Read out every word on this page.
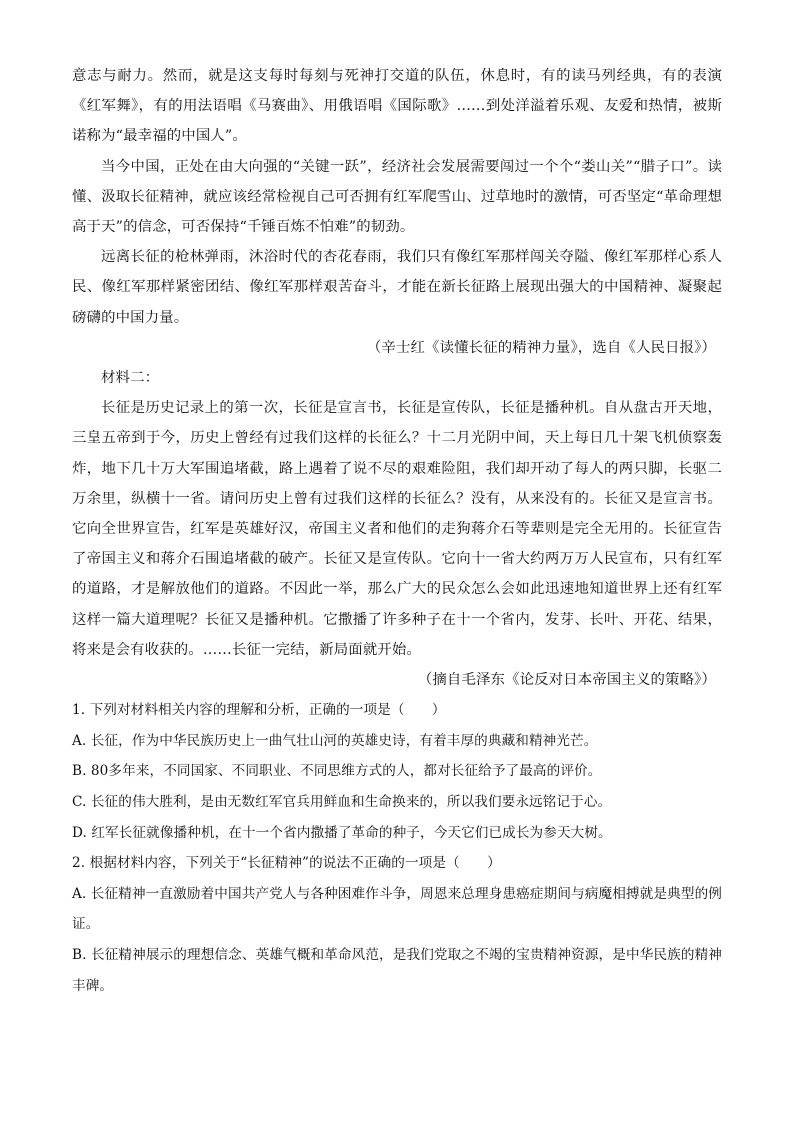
意志与耐力。然而，就是这支每时每刻与死神打交道的队伍，休息时，有的读马列经典，有的表演《红军舞》，有的用法语唱《马赛曲》、用俄语唱《国际歌》……到处洋溢着乐观、友爱和热情，被斯诺称为“最幸福的中国人”。

当今中国，正处在由大向强的“关键一跃”，经济社会发展需要闯过一个个“娄山关”“腊子口”。读懂、汲取长征精神，就应该经常检视自己可否拥有红军爬雪山、过草地时的激情，可否坚定“革命理想高于天”的信念，可否保持“千锤百炼不怕难”的韧劲。

远离长征的枪林弹雨，沐浴时代的杏花春雨，我们只有像红军那样闯关夺隘、像红军那样心系人民、像红军那样紧密团结、像红军那样艰苦奋斗，才能在新长征路上展现出强大的中国精神、凝聚起磅礴的中国力量。

（辛士红《读懂长征的精神力量》，选自《人民日报》）

材料二：

长征是历史记录上的第一次，长征是宣言书，长征是宣传队，长征是播种机。自从盘古开天地，三皇五帝到于今，历史上曾经有过我们这样的长征么？十二月光阴中间，天上每日几十架飞机侦察轰炸，地下几十万大军围追堵截，路上遇着了说不尽的艰难险阻，我们却开动了每人的两只脚，长驱二万余里，纵横十一省。请问历史上曾有过我们这样的长征么？没有，从来没有的。长征又是宣言书。它向全世界宣告，红军是英雄好汉，帝国主义者和他们的走狗蒋介石等辈则是完全无用的。长征宣告了帝国主义和蒋介石围追堵截的破产。长征又是宣传队。它向十一省大约两万万人民宣布，只有红军的道路，才是解放他们的道路。不因此一举，那么广大的民众怎么会如此迅速地知道世界上还有红军这样一篇大道理呢？长征又是播种机。它撒播了许多种子在十一个省内，发芽、长叶、开花、结果，将来是会有收获的。……长征一完结，新局面就开始。

（摘自毛泽东《论反对日本帝国主义的策略》）

1. 下列对材料相关内容的理解和分析，正确的一项是（　　）

A. 长征，作为中华民族历史上一曲气壮山河的英雄史诗，有着丰厚的典藏和精神光芒。

B. 80多年来，不同国家、不同职业、不同思维方式的人，都对长征给予了最高的评价。

C. 长征的伟大胜利，是由无数红军官兵用鲜血和生命换来的，所以我们要永远铭记于心。

D. 红军长征就像播种机，在十一个省内撒播了革命的种子，今天它们已成长为参天大树。

2. 根据材料内容，下列关于“长征精神”的说法不正确的一项是（　　）

A. 长征精神一直激励着中国共产党人与各种困难作斗争，周恩来总理身患癌症期间与病魔相搏就是典型的例证。

B. 长征精神展示的理想信念、英雄气概和革命风范，是我们党取之不竭的宝贵精神资源，是中华民族的精神丰碑。
